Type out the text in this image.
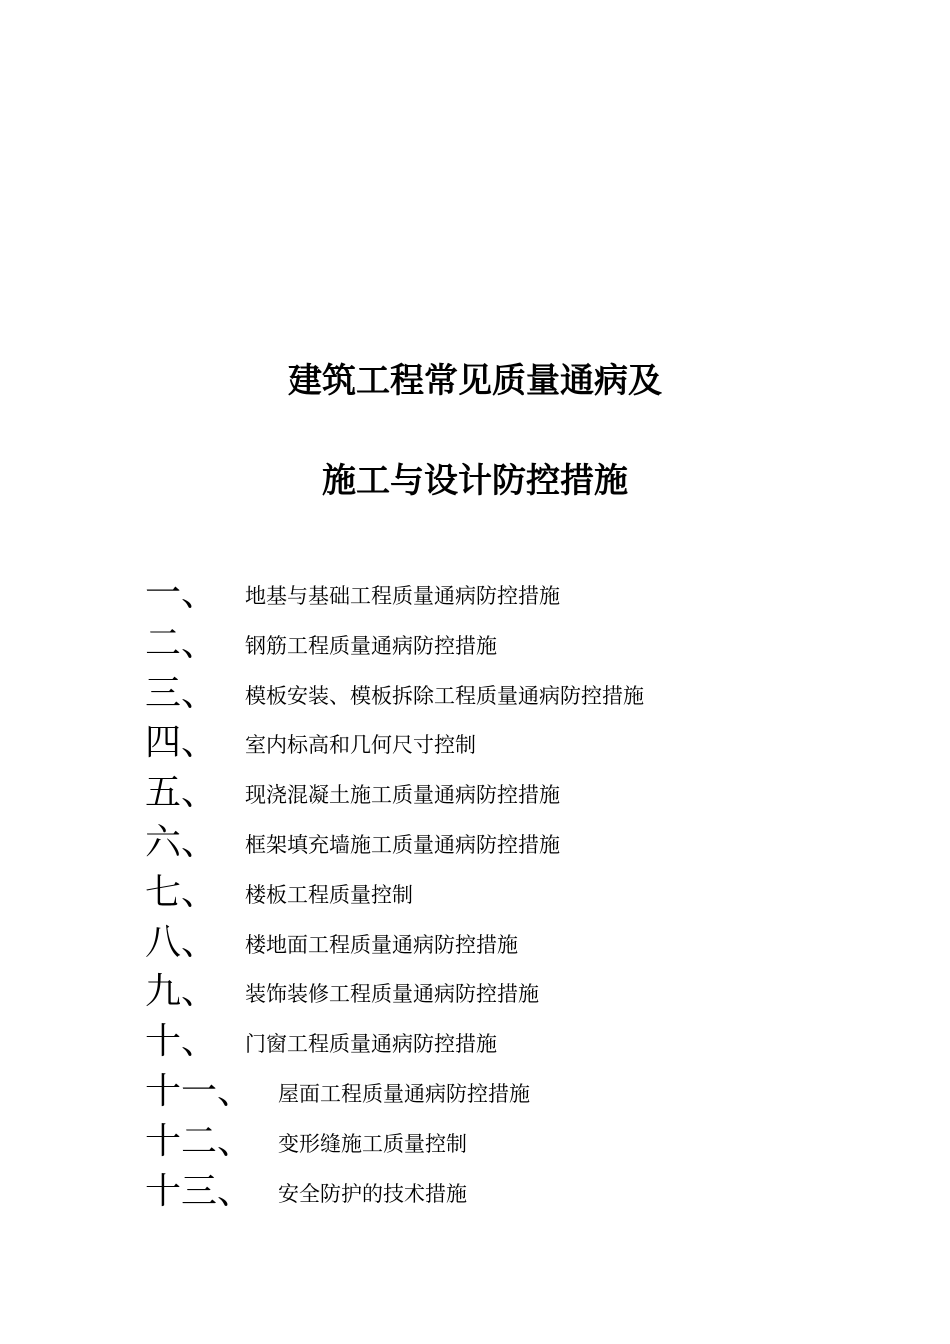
建筑工程常见质量通病及
施工与设计防控措施
一、 地基与基础工程质量通病防控措施
二、 钢筋工程质量通病防控措施
三、 模板安装、模板拆除工程质量通病防控措施
四、 室内标高和几何尺寸控制
五、 现浇混凝土施工质量通病防控措施
六、 框架填充墙施工质量通病防控措施
七、 楼板工程质量控制
八、 楼地面工程质量通病防控措施
九、 装饰装修工程质量通病防控措施
十、 门窗工程质量通病防控措施
十一、 屋面工程质量通病防控措施
十二、 变形缝施工质量控制
十三、 安全防护的技术措施
